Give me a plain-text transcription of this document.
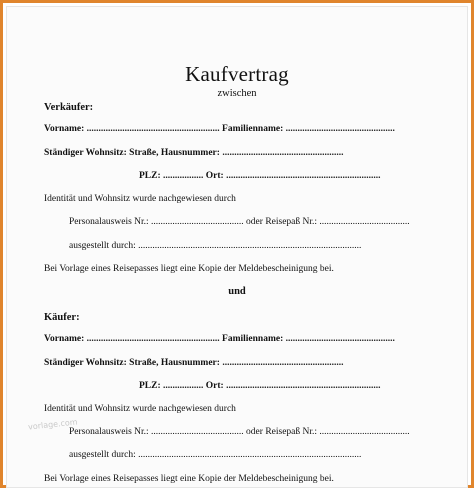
Kaufvertrag
zwischen
Verkäufer:
Vorname: ........................................................ Familienname: ..............................................
Ständiger Wohnsitz: Straße, Hausnummer: ...................................................
PLZ: ................. Ort: .................................................................
Identität und Wohnsitz wurde nachgewiesen durch
Personalausweis Nr.: ....................................... oder Reisepaß Nr.: ......................................
ausgestellt durch: ..............................................................................................
Bei Vorlage eines Reisepasses liegt eine Kopie der Meldebescheinigung bei.
und
Käufer:
Vorname: ........................................................ Familienname: ..............................................
Ständiger Wohnsitz: Straße, Hausnummer: ...................................................
PLZ: ................. Ort: .................................................................
Identität und Wohnsitz wurde nachgewiesen durch
Personalausweis Nr.: ....................................... oder Reisepaß Nr.: ......................................
ausgestellt durch: ..............................................................................................
Bei Vorlage eines Reisepasses liegt eine Kopie der Meldebescheinigung bei.
vorlage.com
